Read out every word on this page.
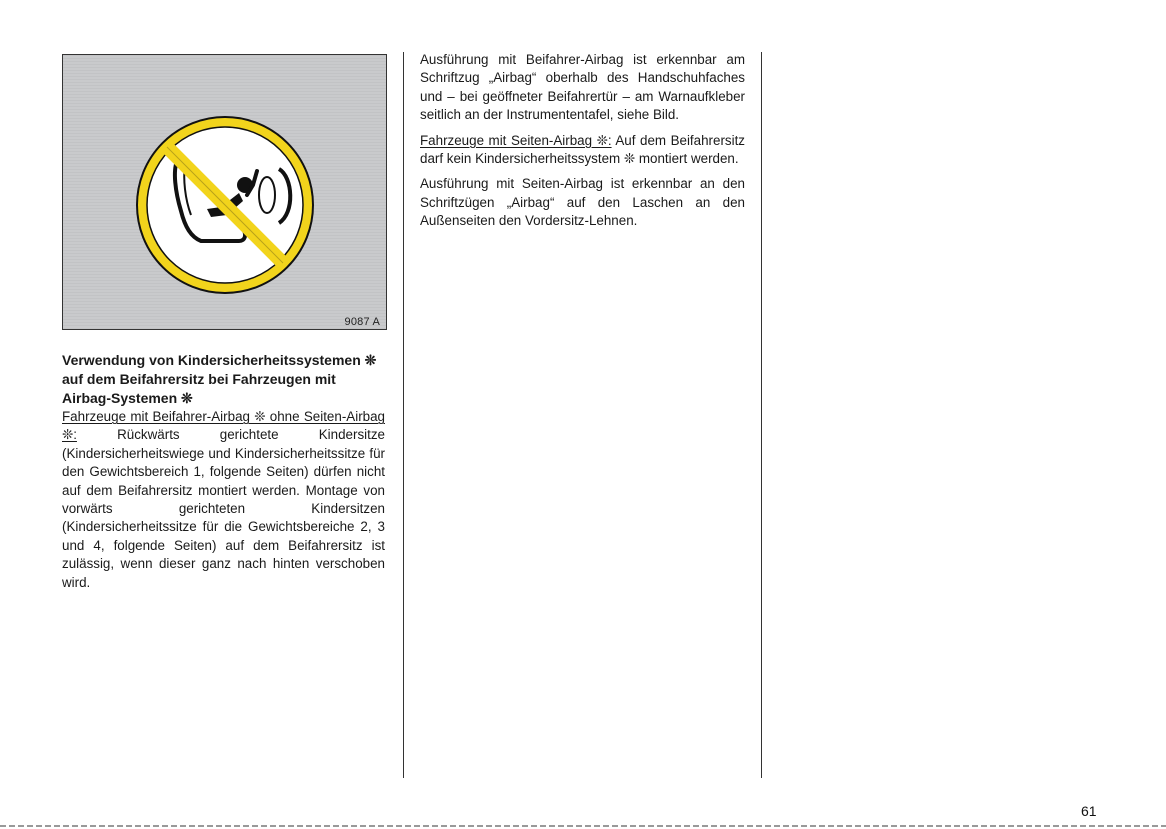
9087 A

Verwendung von Kindersicherheitssystemen ❊ auf dem Beifahrersitz bei Fahrzeugen mit Airbag-Systemen ❊

Fahrzeuge mit Beifahrer-Airbag ❊ ohne Seiten-Airbag ❊: Rückwärts gerichtete Kindersitze (Kindersicherheitswiege und Kindersicherheitssitze für den Gewichtsbereich 1, folgende Seiten) dürfen nicht auf dem Beifahrersitz montiert werden. Montage von vorwärts gerichteten Kindersitzen (Kindersicherheitssitze für die Gewichtsbereiche 2, 3 und 4, folgende Seiten) auf dem Beifahrersitz ist zulässig, wenn dieser ganz nach hinten verschoben wird.

Ausführung mit Beifahrer-Airbag ist erkennbar am Schriftzug „Airbag“ oberhalb des Handschuhfaches und – bei geöffneter Beifahrertür – am Warnaufkleber seitlich an der Instrumententafel, siehe Bild.

Fahrzeuge mit Seiten-Airbag ❊: Auf dem Beifahrersitz darf kein Kindersicherheitssystem ❊ montiert werden.

Ausführung mit Seiten-Airbag ist erkennbar an den Schriftzügen „Airbag“ auf den Laschen an den Außenseiten den Vordersitz-Lehnen.

61
